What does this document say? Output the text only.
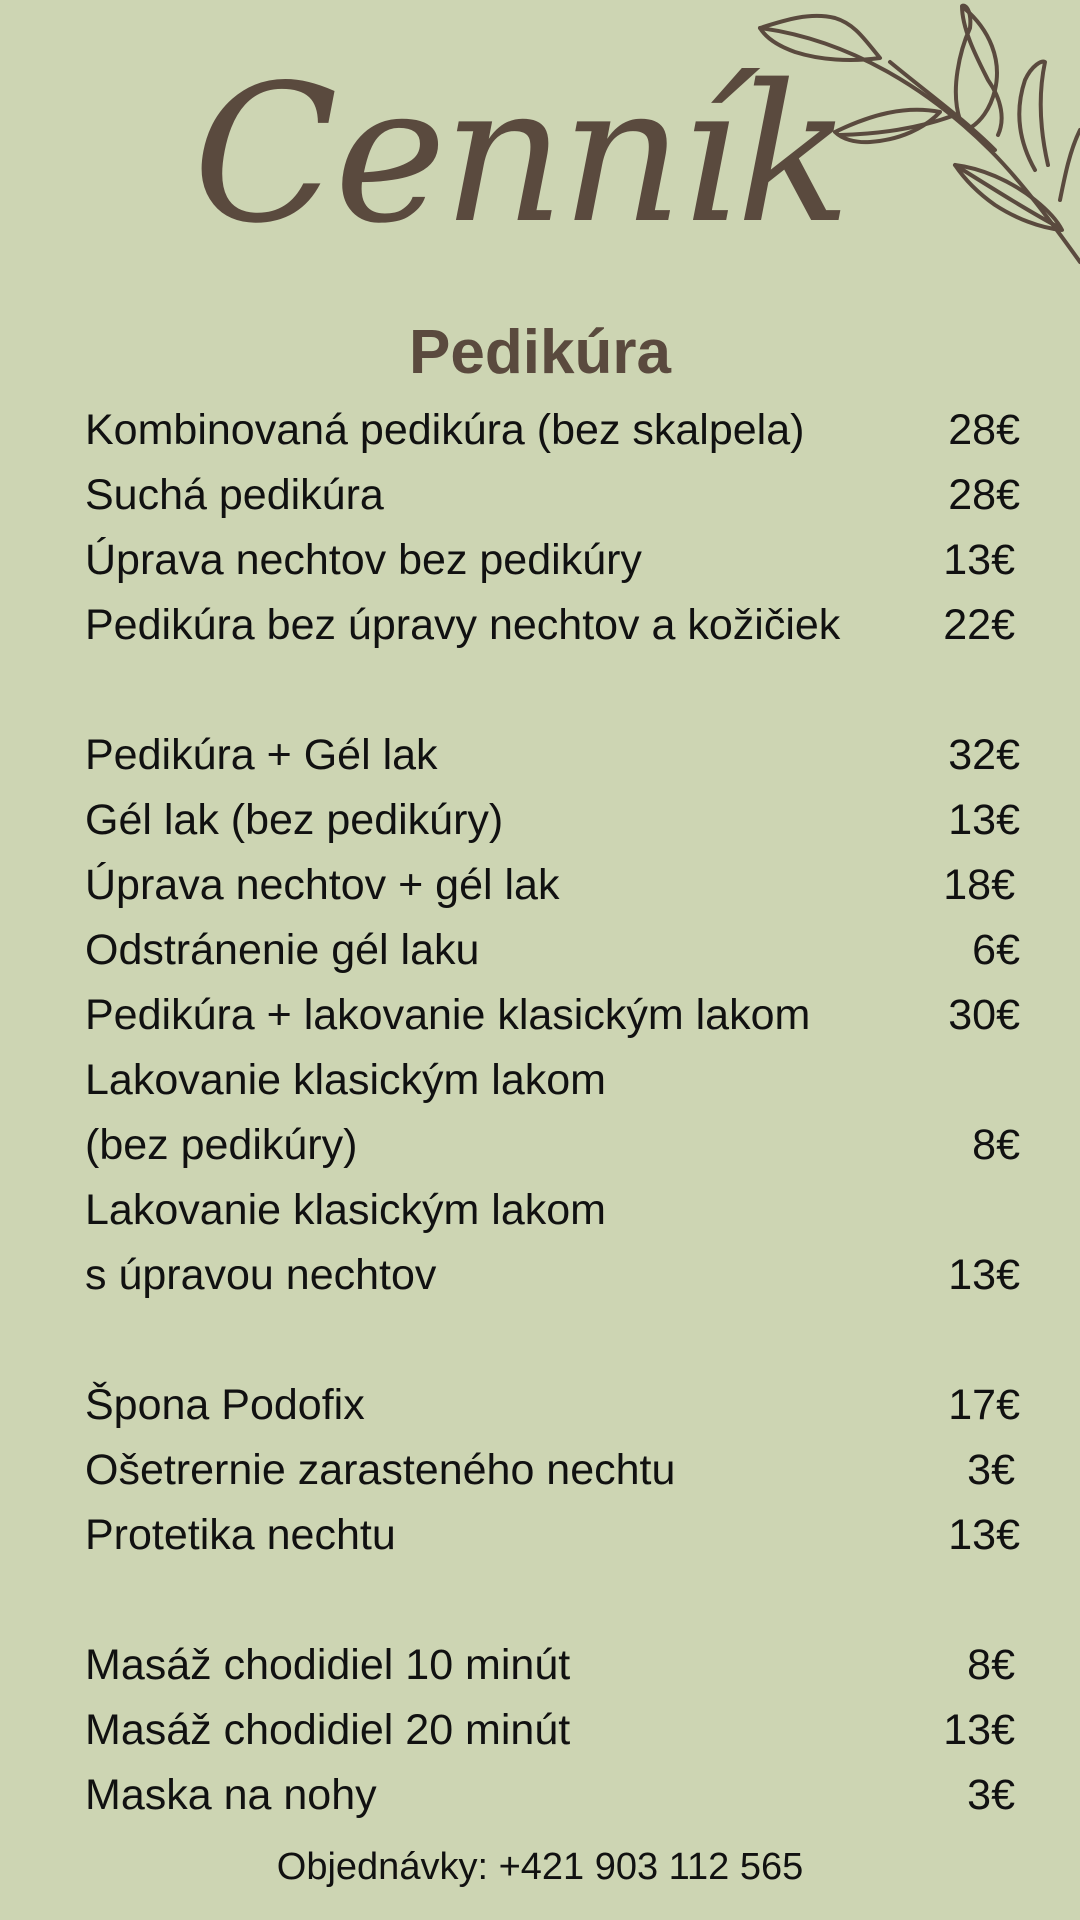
Cenník
Pedikúra
Kombinovaná pedikúra (bez skalpela)	28€
Suchá pedikúra	28€
Úprava nechtov bez pedikúry	13€
Pedikúra bez úpravy nechtov a kožičiek 22€
Pedikúra + Gél lak	32€
Gél lak (bez pedikúry)	13€
Úprava nechtov + gél lak	18€
Odstránenie gél laku	6€
Pedikúra + lakovanie klasickým lakom	30€
Lakovanie klasickým lakom
(bez pedikúry)	8€
Lakovanie klasickým lakom
s úpravou nechtov	13€
Špona Podofix	17€
Ošetrernie zarasteného nechtu	3€
Protetika nechtu	13€
Masáž chodidiel 10 minút	8€
Masáž chodidiel 20 minút	13€
Maska na nohy	3€
Objednávky: +421 903 112 565
